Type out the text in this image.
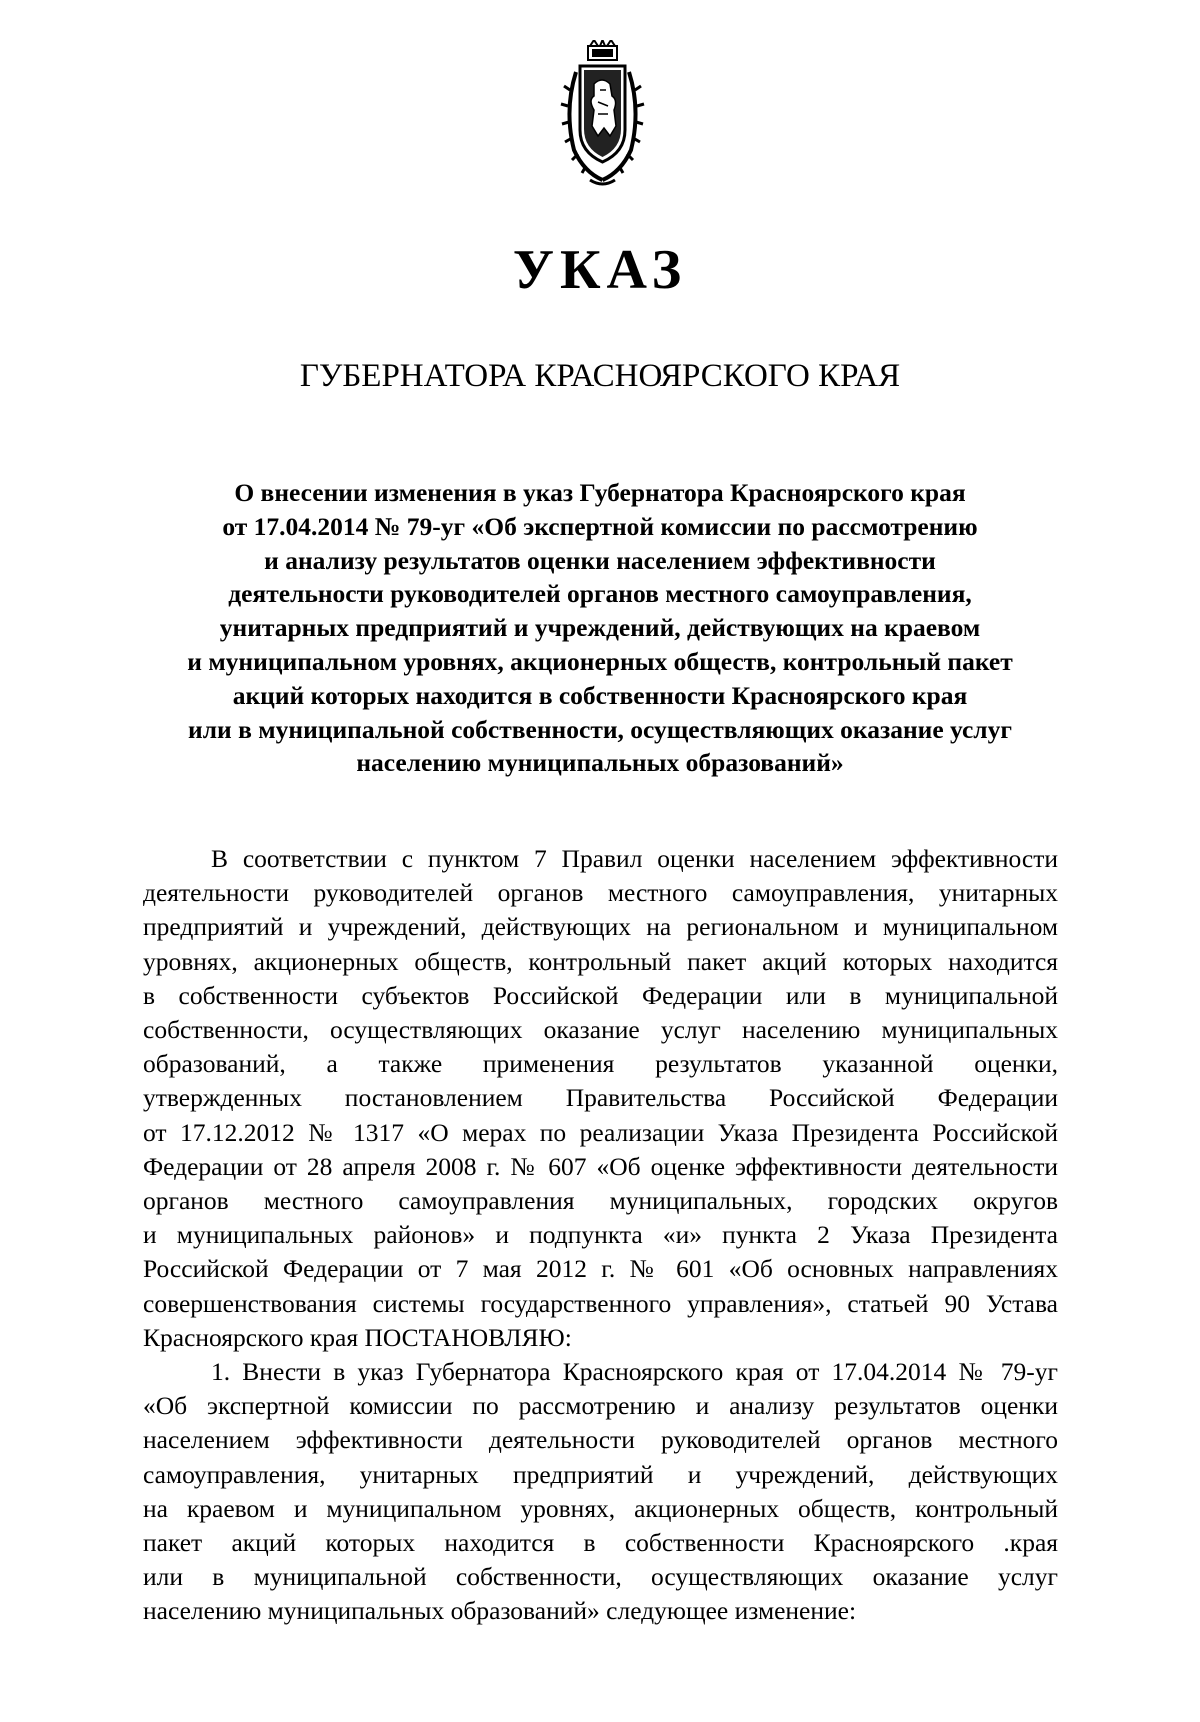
УКАЗ
ГУБЕРНАТОРА КРАСНОЯРСКОГО КРАЯ
О внесении изменения в указ Губернатора Красноярского края
от 17.04.2014 № 79-уг «Об экспертной комиссии по рассмотрению
и анализу результатов оценки населением эффективности
деятельности руководителей органов местного самоуправления,
унитарных предприятий и учреждений, действующих на краевом
и муниципальном уровнях, акционерных обществ, контрольный пакет
акций которых находится в собственности Красноярского края
или в муниципальной собственности, осуществляющих оказание услуг
населению муниципальных образований»
В соответствии с пунктом 7 Правил оценки населением эффективности
деятельности руководителей органов местного самоуправления, унитарных
предприятий и учреждений, действующих на региональном и муниципальном
уровнях, акционерных обществ, контрольный пакет акций которых находится
в собственности субъектов Российской Федерации или в муниципальной
собственности, осуществляющих оказание услуг населению муниципальных
образований, а также применения результатов указанной оценки,
утвержденных постановлением Правительства Российской Федерации
от 17.12.2012 № 1317 «О мерах по реализации Указа Президента Российской
Федерации от 28 апреля 2008 г. № 607 «Об оценке эффективности деятельности
органов местного самоуправления муниципальных, городских округов
и муниципальных районов» и подпункта «и» пункта 2 Указа Президента
Российской Федерации от 7 мая 2012 г. № 601 «Об основных направлениях
совершенствования системы государственного управления», статьей 90 Устава
Красноярского края ПОСТАНОВЛЯЮ:
1. Внести в указ Губернатора Красноярского края от 17.04.2014 № 79-уг
«Об экспертной комиссии по рассмотрению и анализу результатов оценки
населением эффективности деятельности руководителей органов местного
самоуправления, унитарных предприятий и учреждений, действующих
на краевом и муниципальном уровнях, акционерных обществ, контрольный
пакет акций которых находится в собственности Красноярского .края
или в муниципальной собственности, осуществляющих оказание услуг
населению муниципальных образований» следующее изменение:
